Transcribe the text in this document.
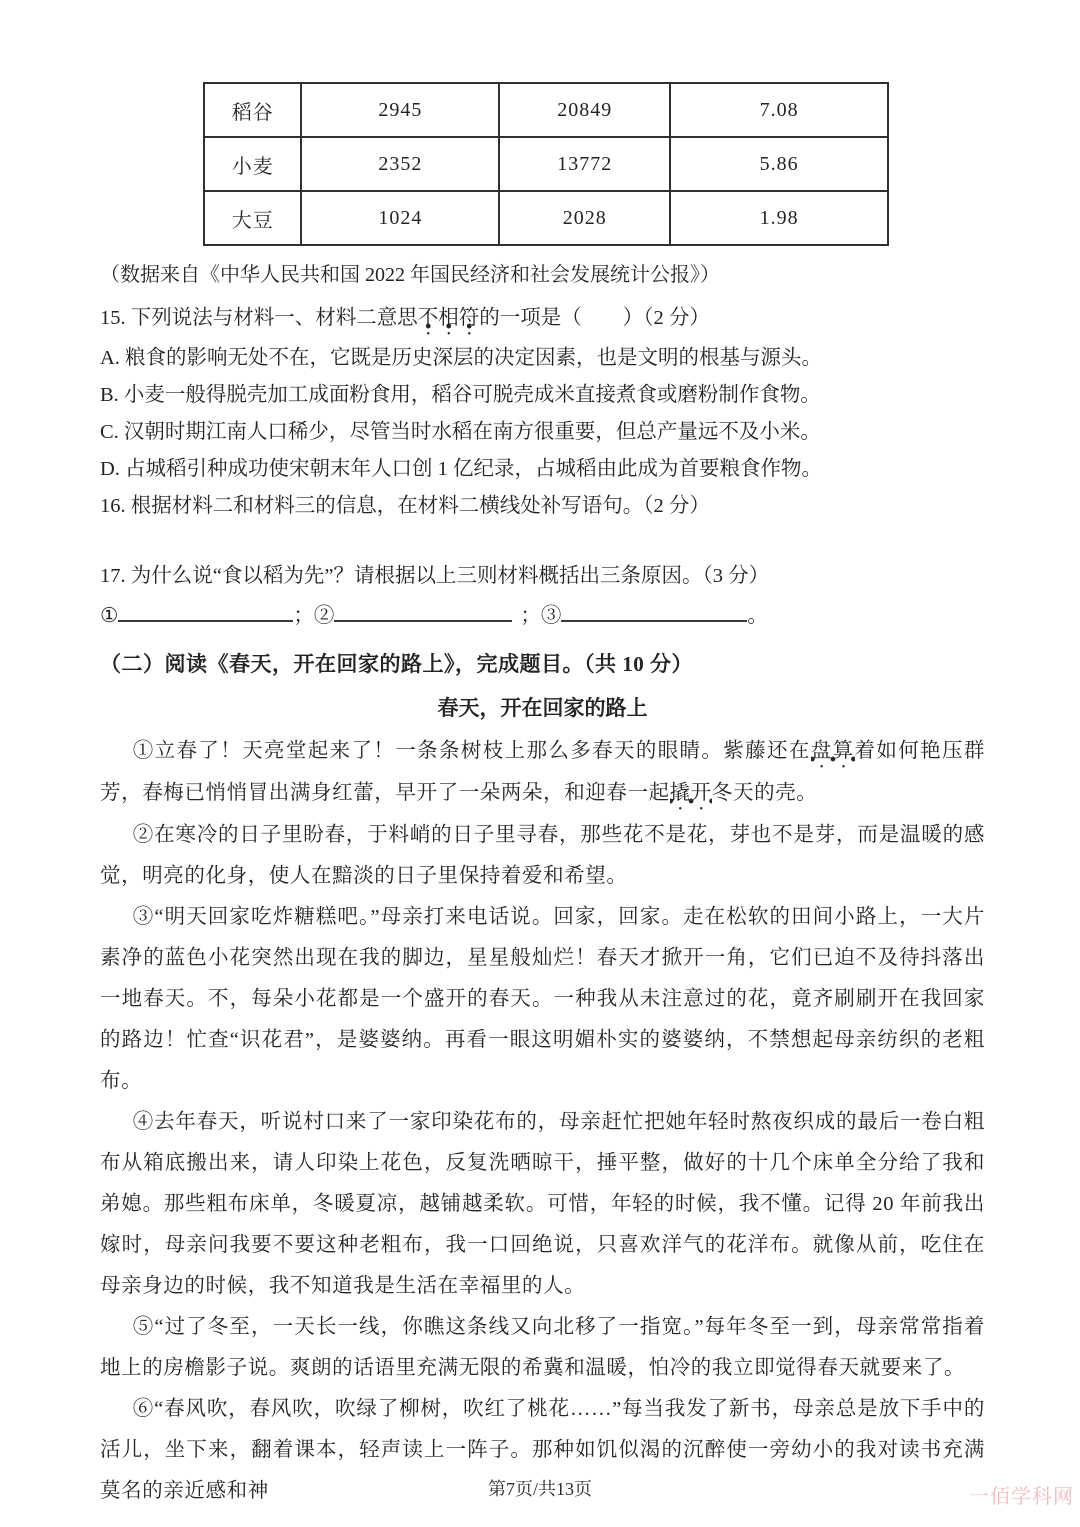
稻谷	2945	20849	7.08
小麦	2352	13772	5.86
大豆	1024	2028	1.98
（数据来自《中华人民共和国 2022 年国民经济和社会发展统计公报》）
15. 下列说法与材料一、材料二意思不相符的一项是（　　）（2 分）
A. 粮食的影响无处不在，它既是历史深层的决定因素，也是文明的根基与源头。
B. 小麦一般得脱壳加工成面粉食用，稻谷可脱壳成米直接煮食或磨粉制作食物。
C. 汉朝时期江南人口稀少，尽管当时水稻在南方很重要，但总产量远不及小米。
D. 占城稻引种成功使宋朝末年人口创 1 亿纪录，占城稻由此成为首要粮食作物。
16. 根据材料二和材料三的信息，在材料二横线处补写语句。（2 分）
17. 为什么说“食以稻为先”？请根据以上三则材料概括出三条原因。（3 分）
①	；②	；③	。
（二）阅读《春天，开在回家的路上》，完成题目。（共 10 分）
春天，开在回家的路上
①立春了！天亮堂起来了！一条条树枝上那么多春天的眼睛。紫藤还在盘算着如何艳压群芳，春梅已悄悄冒出满身红蕾，早开了一朵两朵，和迎春一起撬开冬天的壳。
②在寒冷的日子里盼春，于料峭的日子里寻春，那些花不是花，芽也不是芽，而是温暖的感觉，明亮的化身，使人在黯淡的日子里保持着爱和希望。
③“明天回家吃炸糖糕吧。”母亲打来电话说。回家，回家。走在松软的田间小路上，一大片素净的蓝色小花突然出现在我的脚边，星星般灿烂！春天才掀开一角，它们已迫不及待抖落出一地春天。不，每朵小花都是一个盛开的春天。一种我从未注意过的花，竟齐刷刷开在我回家的路边！忙查“识花君”，是婆婆纳。再看一眼这明媚朴实的婆婆纳，不禁想起母亲纺织的老粗布。
④去年春天，听说村口来了一家印染花布的，母亲赶忙把她年轻时熬夜织成的最后一卷白粗布从箱底搬出来，请人印染上花色，反复洗晒晾干，捶平整，做好的十几个床单全分给了我和弟媳。那些粗布床单，冬暖夏凉，越铺越柔软。可惜，年轻的时候，我不懂。记得 20 年前我出嫁时，母亲问我要不要这种老粗布，我一口回绝说，只喜欢洋气的花洋布。就像从前，吃住在母亲身边的时候，我不知道我是生活在幸福里的人。
⑤“过了冬至，一天长一线，你瞧这条线又向北移了一指宽。”每年冬至一到，母亲常常指着地上的房檐影子说。爽朗的话语里充满无限的希冀和温暖，怕冷的我立即觉得春天就要来了。
⑥“春风吹，春风吹，吹绿了柳树，吹红了桃花……”每当我发了新书，母亲总是放下手中的活儿，坐下来，翻着课本，轻声读上一阵子。那种如饥似渴的沉醉使一旁幼小的我对读书充满莫名的亲近感和神	第7页/共13页	一佰学科网
